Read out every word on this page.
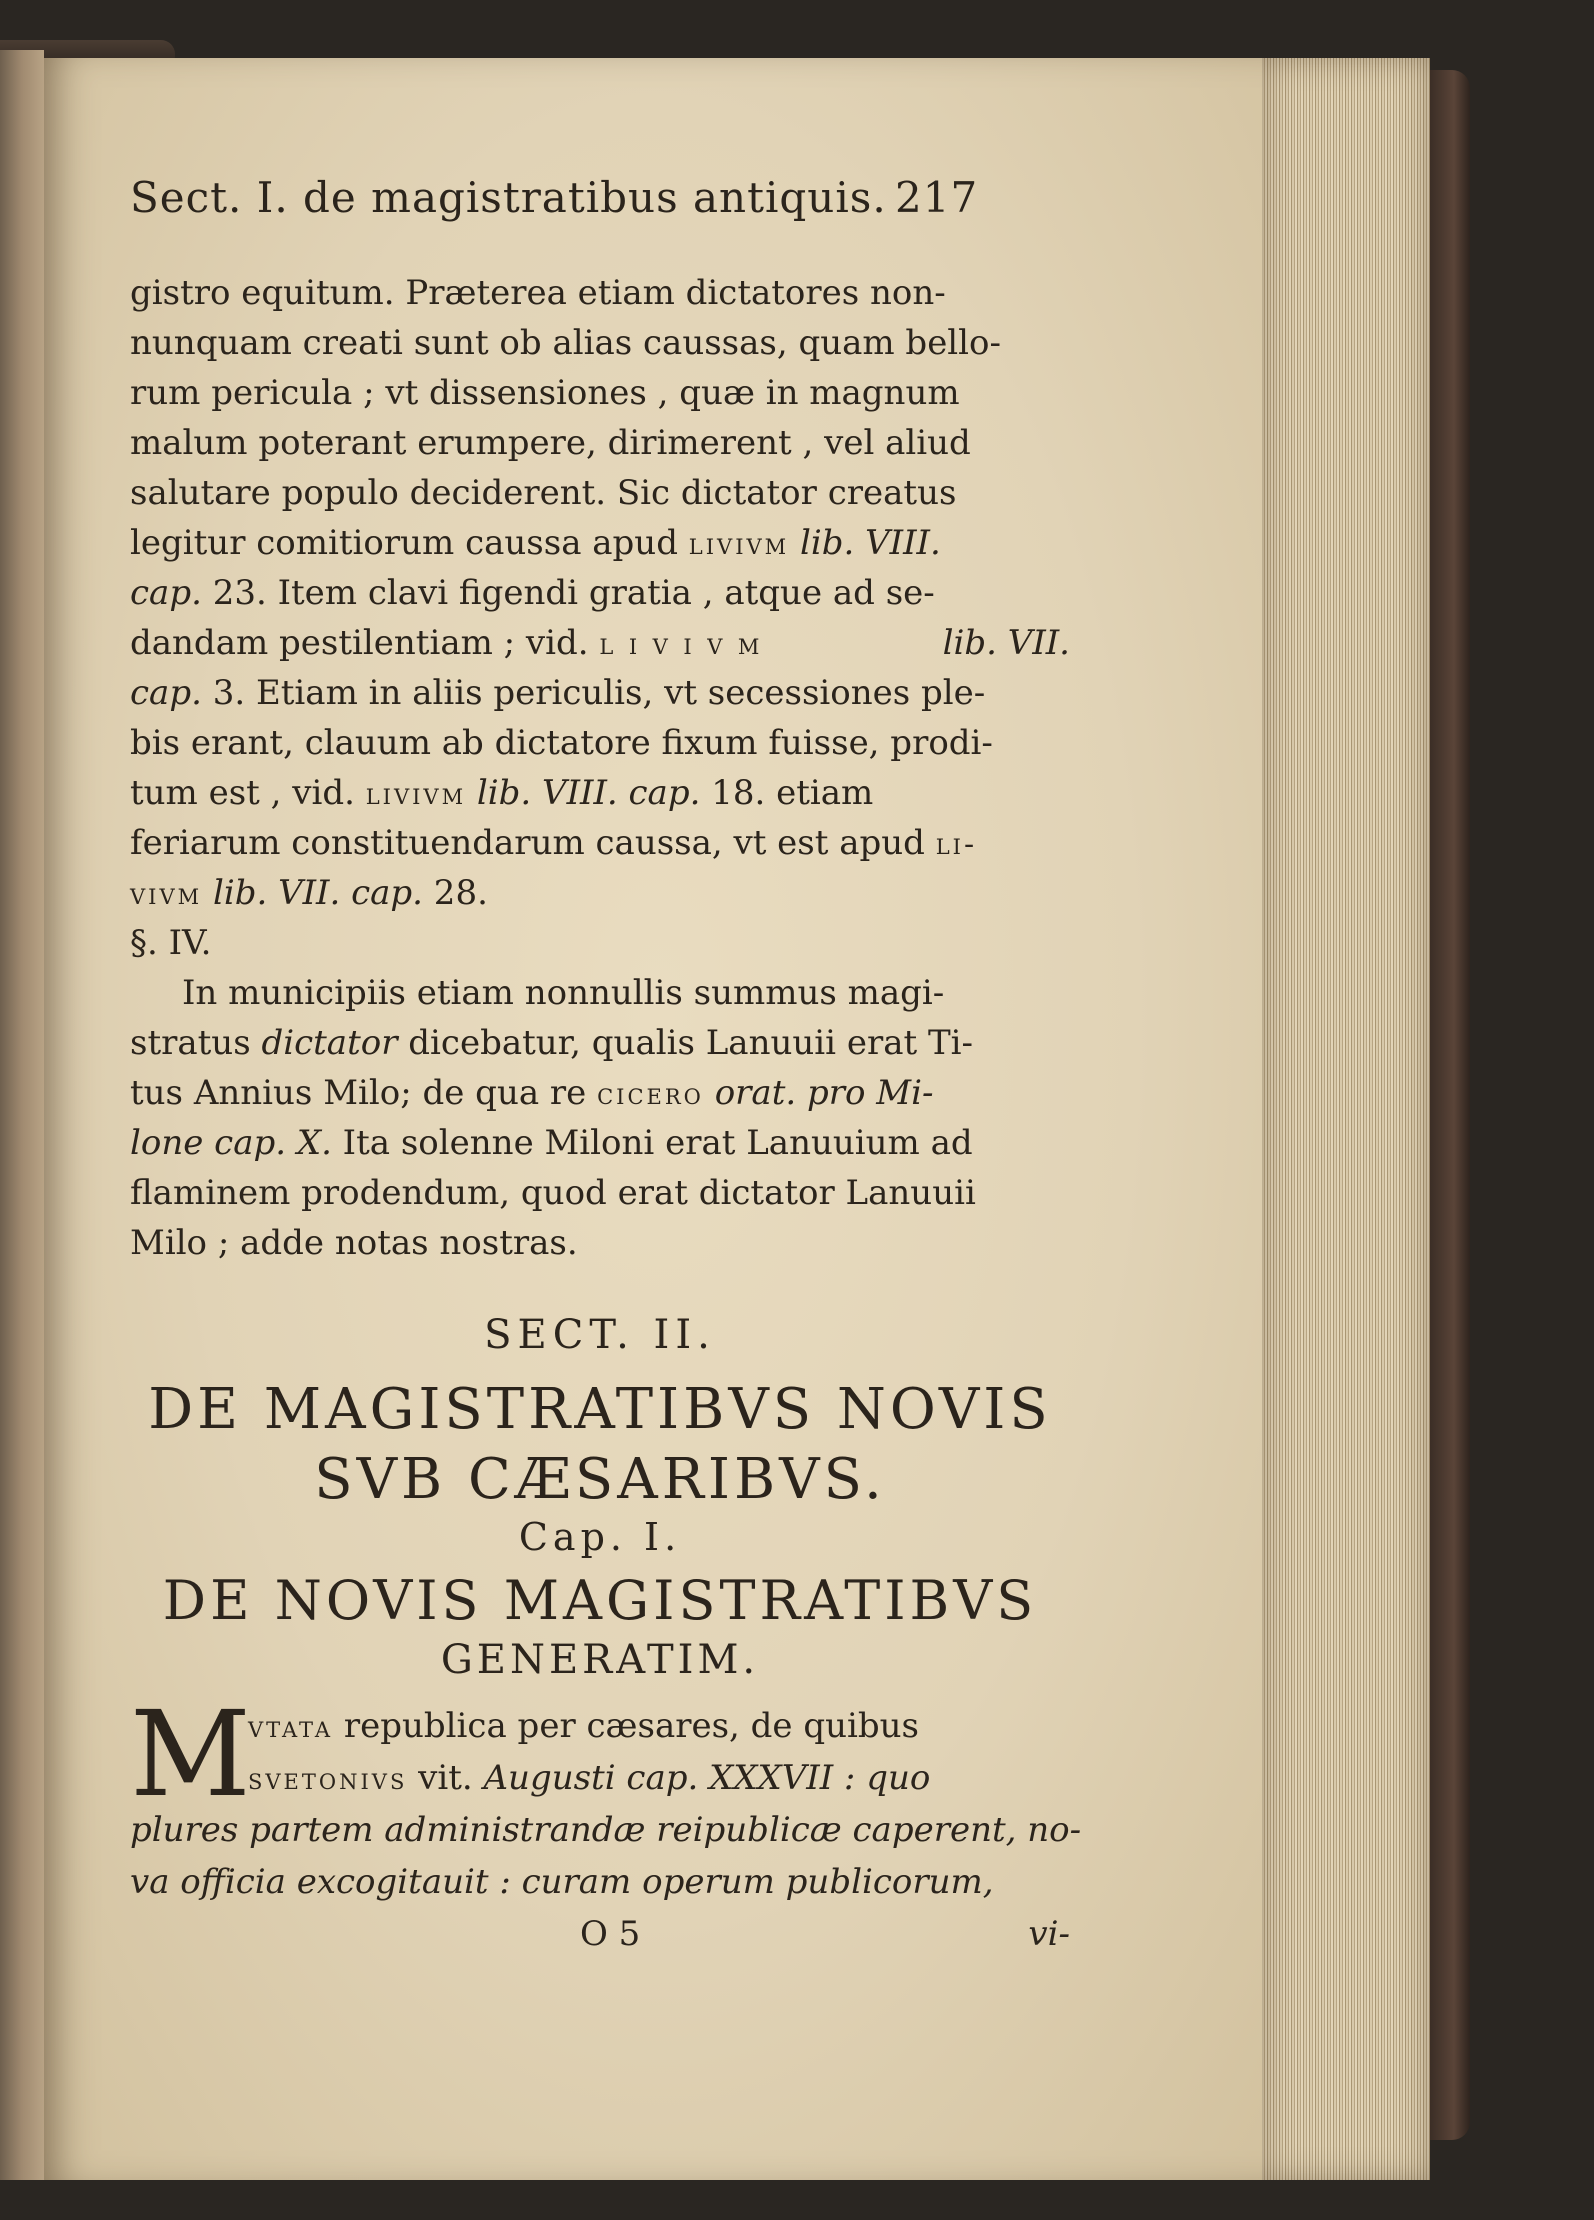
Sect. I. de magistratibus antiquis. 217
gistro equitum. Præterea etiam dictatores non-
nunquam creati sunt ob alias caussas, quam bello-
rum pericula ; vt dissensiones , quæ in magnum
malum poterant erumpere, dirimerent , vel aliud
salutare populo deciderent. Sic dictator creatus
legitur comitiorum caussa apud livivm lib. VIII.
cap. 23. Item clavi figendi gratia , atque ad se-
dandam pestilentiam ; vid. l i v i v m	lib. VII.
cap. 3. Etiam in aliis periculis, vt secessiones ple-
bis erant, clauum ab dictatore fixum fuisse, prodi-
tum est , vid. livivm lib. VIII. cap. 18. etiam
feriarum constituendarum caussa, vt est apud li-
vivm lib. VII. cap. 28.
§. IV.
In municipiis etiam nonnullis summus magi-
stratus dictator dicebatur, qualis Lanuuii erat Ti-
tus Annius Milo; de qua re cicero orat. pro Mi-
lone cap. X. Ita solenne Miloni erat Lanuuium ad
flaminem prodendum, quod erat dictator Lanuuii
Milo ; adde notas nostras.
SECT. II.
DE MAGISTRATIBVS NOVIS
SVB CÆSARIBVS.
Cap. I.
DE NOVIS MAGISTRATIBVS
GENERATIM.
M
vtata republica per cæsares, de quibus
svetonivs vit. Augusti cap. XXXVII : quo
plures partem administrandæ reipublicæ caperent, no-
va officia excogitauit : curam operum publicorum,
O 5	vi-
